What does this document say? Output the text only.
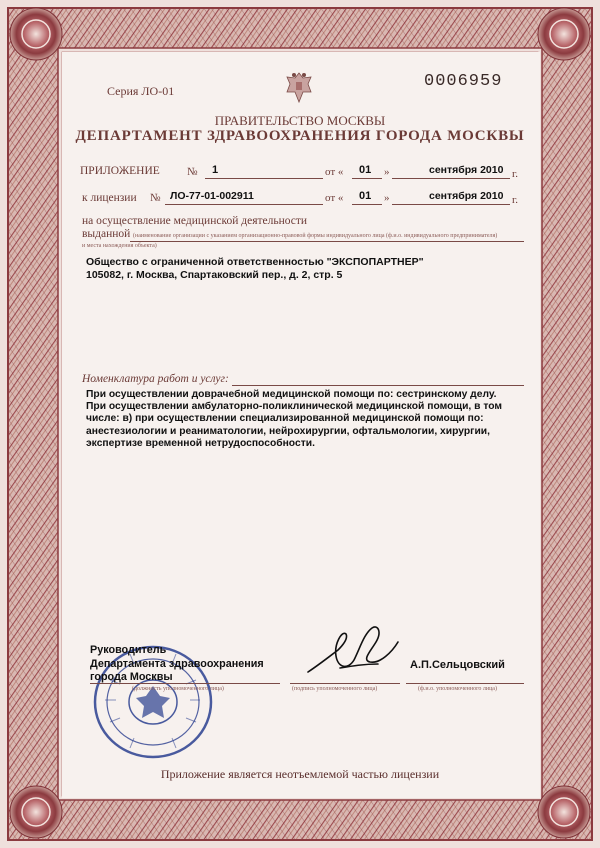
Серия ЛО-01	0006959
ПРАВИТЕЛЬСТВО МОСКВЫ
ДЕПАРТАМЕНТ ЗДРАВООХРАНЕНИЯ ГОРОДА МОСКВЫ
ПРИЛОЖЕНИЕ № 1	от « 01 »	сентября 2010 г.
к лицензии № ЛО-77-01-002911	от « 01 »	сентября 2010 г.
на осуществление медицинской деятельности
выданной (наименование организации с указанием организационно-правовой формы индивидуального лица (ф.и.о. индивидуального предпринимателя)
и места нахождения объекта)
Общество с ограниченной ответственностью "ЭКСПОПАРТНЕР"
105082, г. Москва, Спартаковский пер., д. 2, стр. 5
Номенклатура работ и услуг:
При осуществлении доврачебной медицинской помощи по: сестринскому делу.
При осуществлении амбулаторно-поликлинической медицинской помощи, в том
числе: в) при осуществлении специализированной медицинской помощи по:
анестезиологии и реаниматологии, нейрохирургии, офтальмологии, хирургии,
экспертизе временной нетрудоспособности.
Руководитель
Департамента здравоохранения
города Москвы
(должность уполномоченного лица)	(подпись уполномоченного лица)
А.П.Сельцовский
(ф.и.о. уполномоченного лица)
Приложение является неотъемлемой частью лицензии
